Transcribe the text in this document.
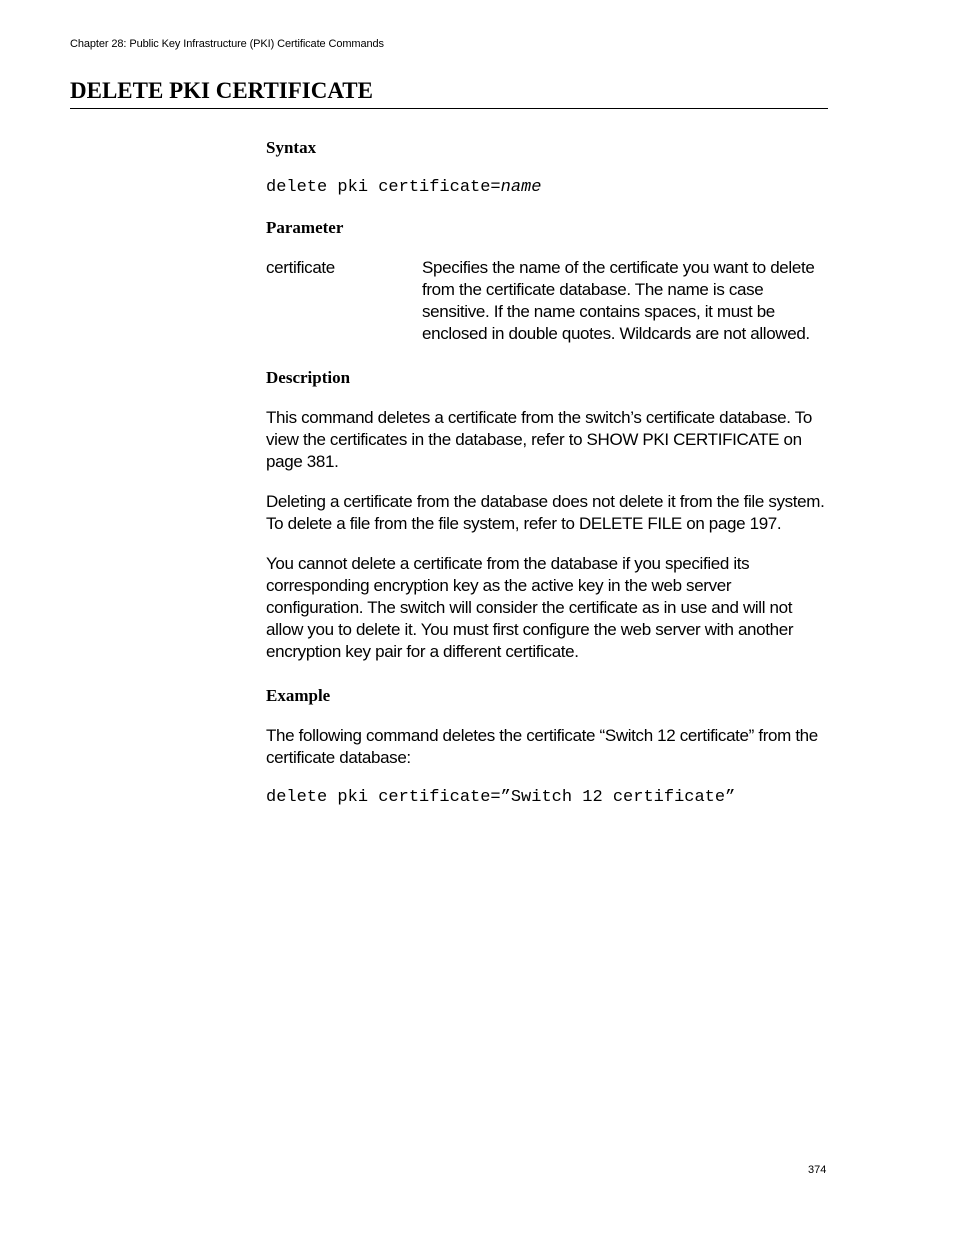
Chapter 28: Public Key Infrastructure (PKI) Certificate Commands
DELETE PKI CERTIFICATE
Syntax

delete pki certificate=name

Parameter
certificate	Specifies the name of the certificate you want to delete from the certificate database. The name is case sensitive. If the name contains spaces, it must be enclosed in double quotes. Wildcards are not allowed.
Description

This command deletes a certificate from the switch’s certificate database. To view the certificates in the database, refer to SHOW PKI CERTIFICATE on page 381.

Deleting a certificate from the database does not delete it from the file system. To delete a file from the file system, refer to DELETE FILE on page 197.

You cannot delete a certificate from the database if you specified its corresponding encryption key as the active key in the web server configuration. The switch will consider the certificate as in use and will not allow you to delete it. You must first configure the web server with another encryption key pair for a different certificate.

Example

The following command deletes the certificate “Switch 12 certificate” from the certificate database:

delete pki certificate=”Switch 12 certificate”

374
